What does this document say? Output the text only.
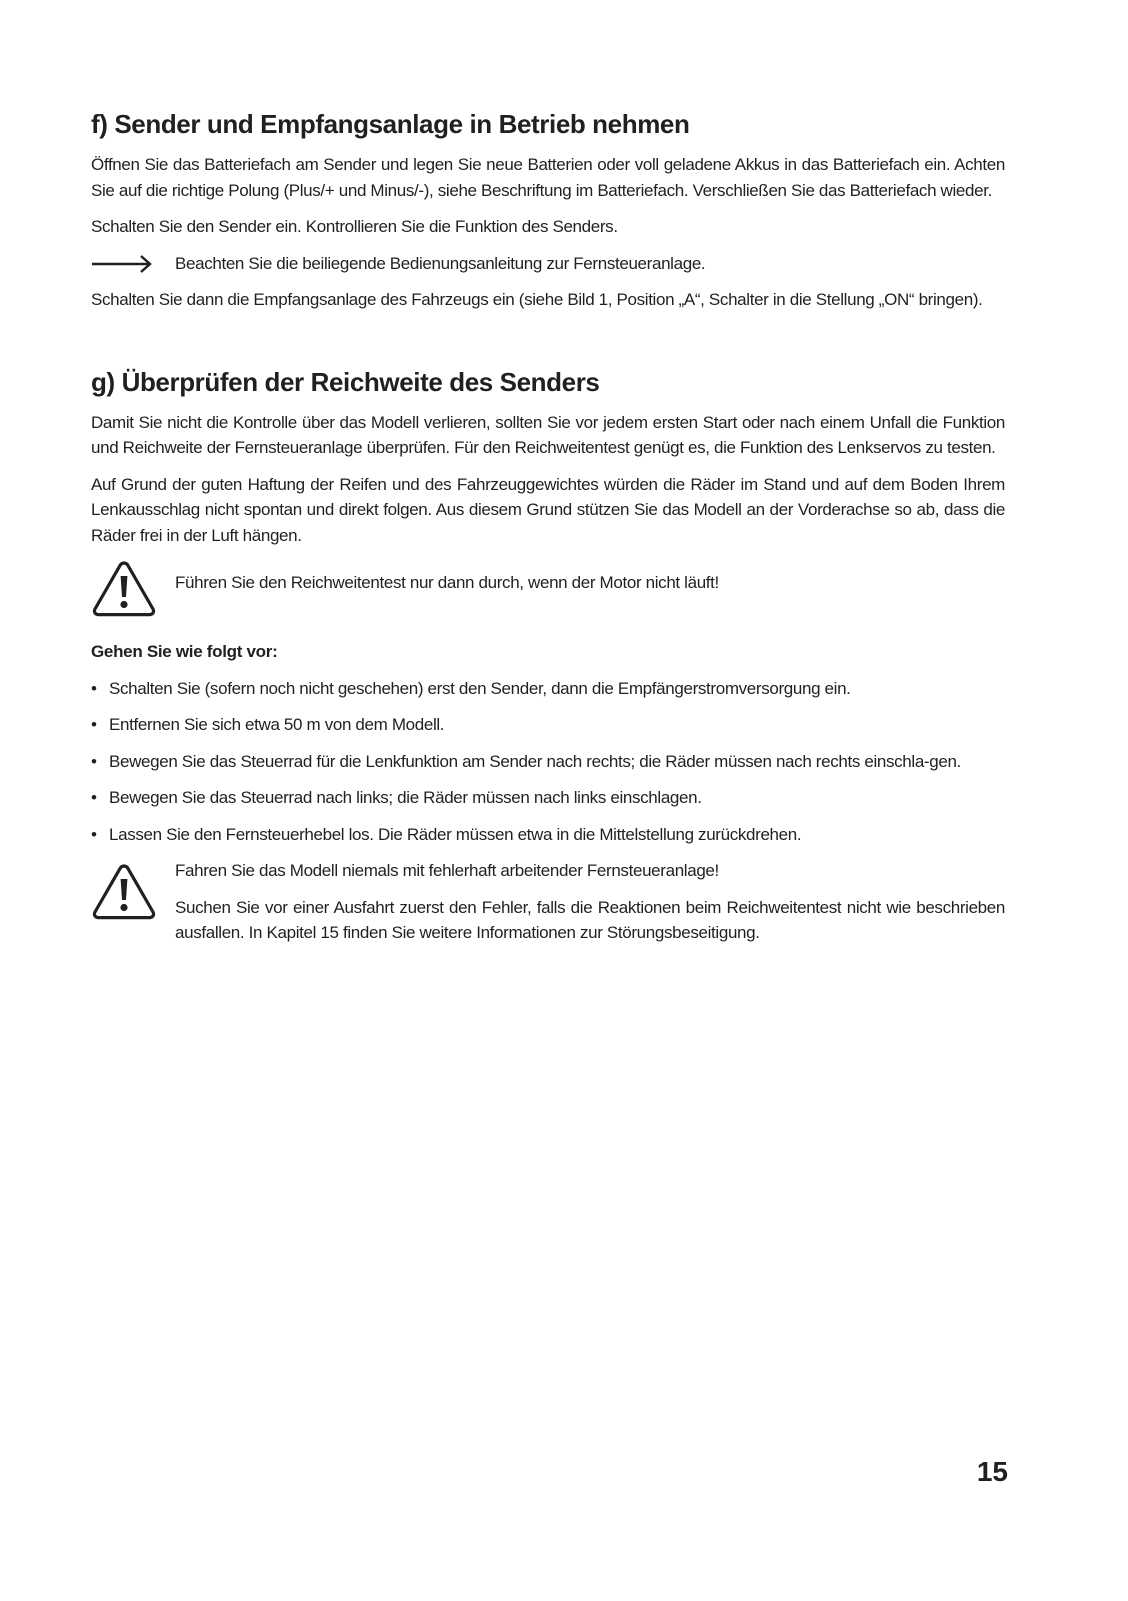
f) Sender und Empfangsanlage in Betrieb nehmen

Öffnen Sie das Batteriefach am Sender und legen Sie neue Batterien oder voll geladene Akkus in das Batteriefach ein. Achten Sie auf die richtige Polung (Plus/+ und Minus/-), siehe Beschriftung im Batteriefach. Verschließen Sie das Batteriefach wieder.

Schalten Sie den Sender ein. Kontrollieren Sie die Funktion des Senders.

Beachten Sie die beiliegende Bedienungsanleitung zur Fernsteueranlage.

Schalten Sie dann die Empfangsanlage des Fahrzeugs ein (siehe Bild 1, Position „A“, Schalter in die Stellung „ON“ bringen).

g) Überprüfen der Reichweite des Senders

Damit Sie nicht die Kontrolle über das Modell verlieren, sollten Sie vor jedem ersten Start oder nach einem Unfall die Funktion und Reichweite der Fernsteueranlage überprüfen. Für den Reichweitentest genügt es, die Funktion des Lenkservos zu testen.

Auf Grund der guten Haftung der Reifen und des Fahrzeuggewichtes würden die Räder im Stand und auf dem Boden Ihrem Lenkausschlag nicht spontan und direkt folgen. Aus diesem Grund stützen Sie das Modell an der Vorderachse so ab, dass die Räder frei in der Luft hängen.

Führen Sie den Reichweitentest nur dann durch, wenn der Motor nicht läuft!

Gehen Sie wie folgt vor:
• Schalten Sie (sofern noch nicht geschehen) erst den Sender, dann die Empfängerstromversorgung ein.
• Entfernen Sie sich etwa 50 m von dem Modell.
• Bewegen Sie das Steuerrad für die Lenkfunktion am Sender nach rechts; die Räder müssen nach rechts einschla-gen.
• Bewegen Sie das Steuerrad nach links; die Räder müssen nach links einschlagen.
• Lassen Sie den Fernsteuerhebel los. Die Räder müssen etwa in die Mittelstellung zurückdrehen.

Fahren Sie das Modell niemals mit fehlerhaft arbeitender Fernsteueranlage!

Suchen Sie vor einer Ausfahrt zuerst den Fehler, falls die Reaktionen beim Reichweitentest nicht wie beschrieben ausfallen. In Kapitel 15 finden Sie weitere Informationen zur Störungsbeseitigung.

15
